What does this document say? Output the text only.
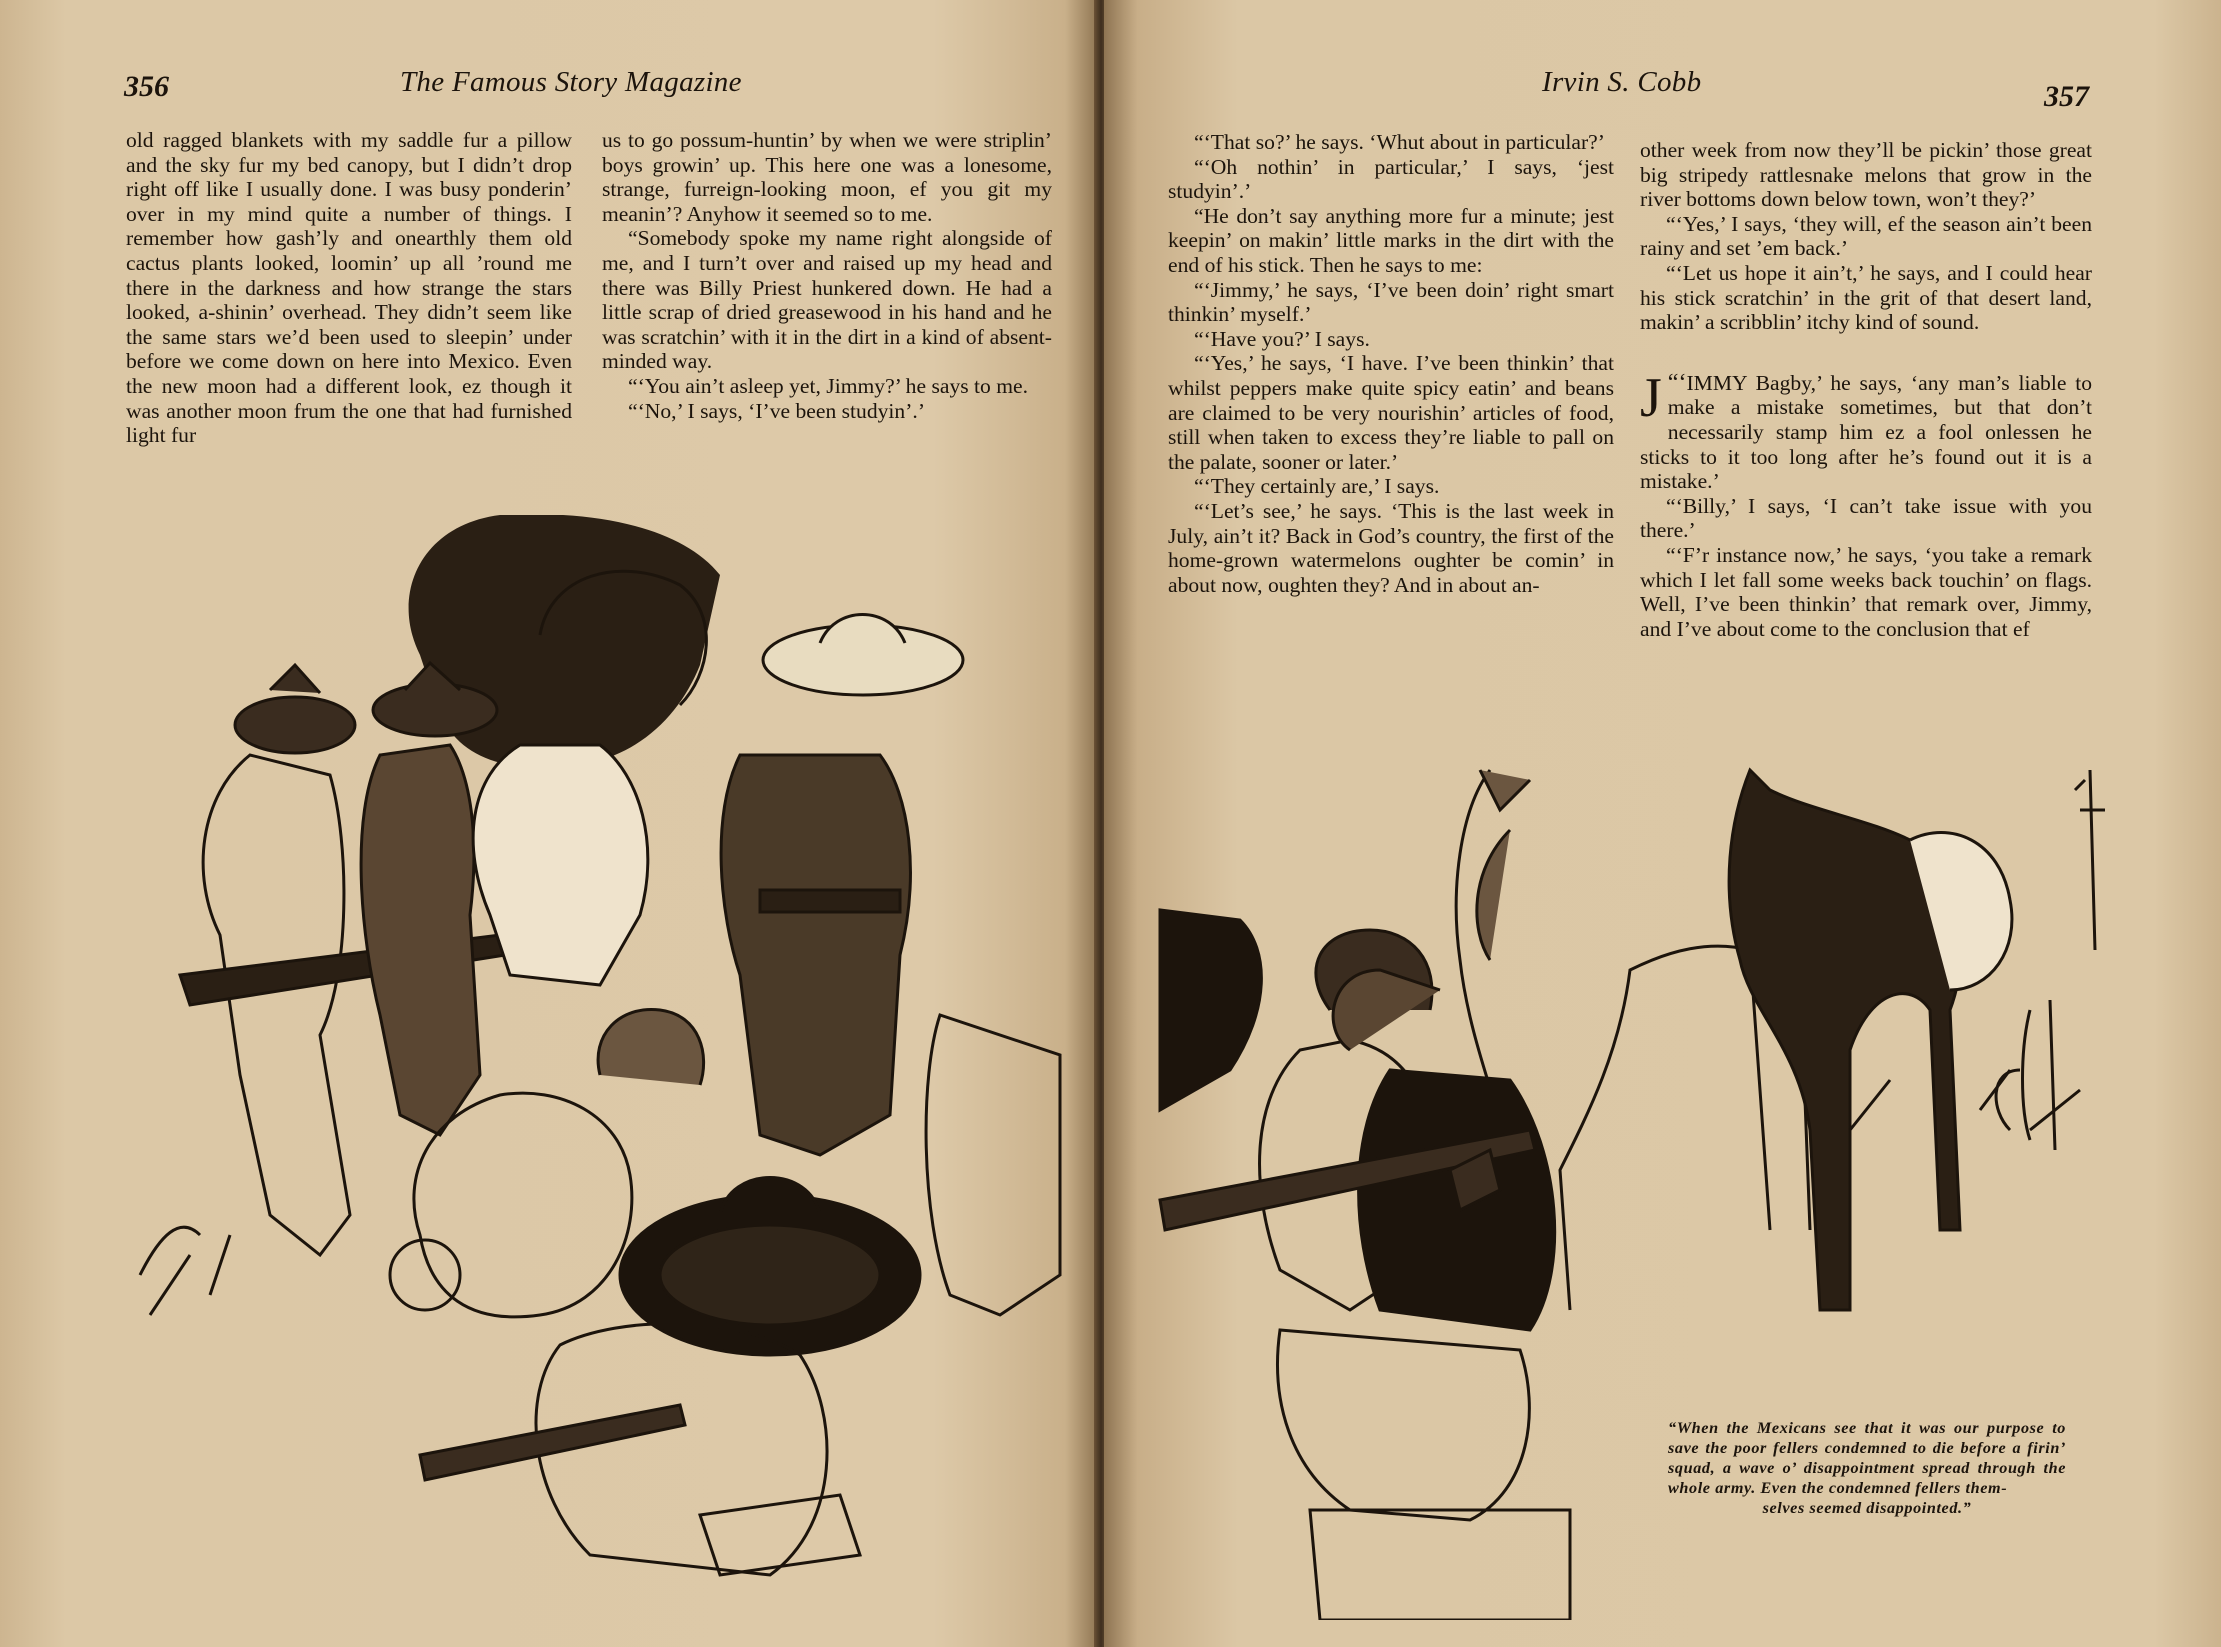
356	The Famous Story Magazine

old ragged blankets with my saddle fur a pillow and the sky fur my bed canopy, but I didn’t drop right off like I usually done. I was busy ponderin’ over in my mind quite a number of things. I remember how gash’ly and onearthly them old cactus plants looked, loomin’ up all ’round me there in the darkness and how strange the stars looked, a-shinin’ overhead. They didn’t seem like the same stars we’d been used to sleepin’ under before we come down on here into Mexico. Even the new moon had a different look, ez though it was another moon frum the one that had furnished light fur

us to go possum-huntin’ by when we were striplin’ boys growin’ up. This here one was a lonesome, strange, furreign-looking moon, ef you git my meanin’? Anyhow it seemed so to me.

“Somebody spoke my name right alongside of me, and I turn’t over and raised up my head and there was Billy Priest hunkered down. He had a little scrap of dried greasewood in his hand and he was scratchin’ with it in the dirt in a kind of absent-minded way.

“‘You ain’t asleep yet, Jimmy?’ he says to me.

“‘No,’ I says, ‘I’ve been studyin’.’

Irvin S. Cobb	357

“‘That so?’ he says. ‘Whut about in particular?’

“‘Oh nothin’ in particular,’ I says, ‘jest studyin’.’

“He don’t say anything more fur a minute; jest keepin’ on makin’ little marks in the dirt with the end of his stick. Then he says to me:

“‘Jimmy,’ he says, ‘I’ve been doin’ right smart thinkin’ myself.’

“‘Have you?’ I says.

“‘Yes,’ he says, ‘I have. I’ve been thinkin’ that whilst peppers make quite spicy eatin’ and beans are claimed to be very nourishin’ articles of food, still when taken to excess they’re liable to pall on the palate, sooner or later.’

“‘They certainly are,’ I says.

“‘Let’s see,’ he says. ‘This is the last week in July, ain’t it? Back in God’s country, the first of the home-grown watermelons oughter be comin’ in about now, oughten they? And in about an-

other week from now they’ll be pickin’ those great big stripedy rattlesnake melons that grow in the river bottoms down below town, won’t they?’

“‘Yes,’ I says, ‘they will, ef the season ain’t been rainy and set ’em back.’

“‘Let us hope it ain’t,’ he says, and I could hear his stick scratchin’ in the grit of that desert land, makin’ a scribblin’ itchy kind of sound.

“‘
J IMMY Bagby,’ he says, ‘any man’s liable to make a mistake sometimes, but that don’t necessarily stamp him ez a fool onlessen he sticks to it too long after he’s found out it is a mistake.’

“‘Billy,’ I says, ‘I can’t take issue with you there.’

“‘F’r instance now,’ he says, ‘you take a remark which I let fall some weeks back touchin’ on flags. Well, I’ve been thinkin’ that remark over, Jimmy, and I’ve about come to the conclusion that ef

“When the Mexicans see that it was our purpose to save the poor fellers condemned to die before a firin’ squad, a wave o’ disappointment spread through the whole army. Even the condemned fellers them-
selves seemed disappointed.”
